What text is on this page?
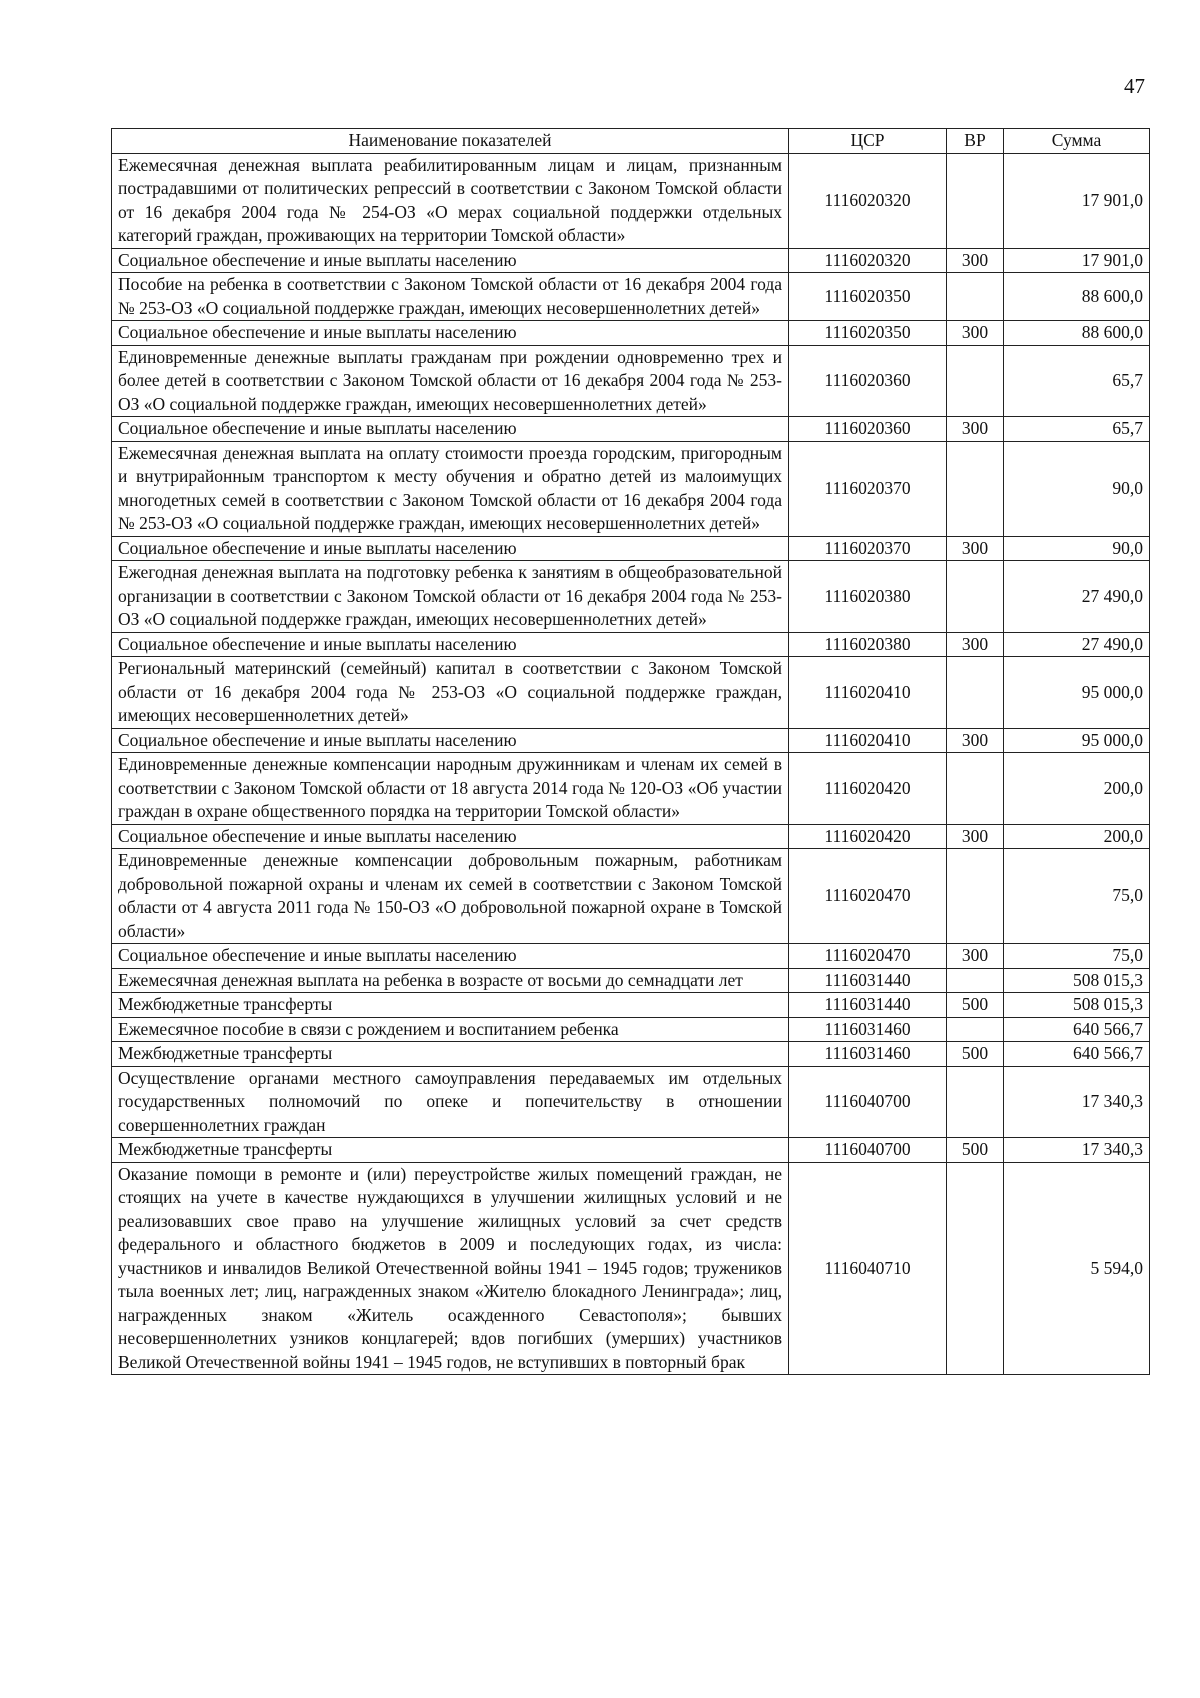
47
Наименование показателей	ЦСР	ВР	Сумма
Ежемесячная денежная выплата реабилитированным лицам и лицам, признанным пострадавшими от политических репрессий в соответствии с Законом Томской области от 16 декабря 2004 года № 254-ОЗ «О мерах социальной поддержки отдельных категорий граждан, проживающих на территории Томской области»	1116020320		17 901,0
Социальное обеспечение и иные выплаты населению	1116020320	300	17 901,0
Пособие на ребенка в соответствии с Законом Томской области от 16 декабря 2004 года № 253-ОЗ «О социальной поддержке граждан, имеющих несовершеннолетних детей»	1116020350		88 600,0
Социальное обеспечение и иные выплаты населению	1116020350	300	88 600,0
Единовременные денежные выплаты гражданам при рождении одновременно трех и более детей в соответствии с Законом Томской области от 16 декабря 2004 года № 253-ОЗ «О социальной поддержке граждан, имеющих несовершеннолетних детей»	1116020360		65,7
Социальное обеспечение и иные выплаты населению	1116020360	300	65,7
Ежемесячная денежная выплата на оплату стоимости проезда городским, пригородным и внутрирайонным транспортом к месту обучения и обратно детей из малоимущих многодетных семей в соответствии с Законом Томской области от 16 декабря 2004 года № 253-ОЗ «О социальной поддержке граждан, имеющих несовершеннолетних детей»	1116020370		90,0
Социальное обеспечение и иные выплаты населению	1116020370	300	90,0
Ежегодная денежная выплата на подготовку ребенка к занятиям в общеобразовательной организации в соответствии с Законом Томской области от 16 декабря 2004 года № 253-ОЗ «О социальной поддержке граждан, имеющих несовершеннолетних детей»	1116020380		27 490,0
Социальное обеспечение и иные выплаты населению	1116020380	300	27 490,0
Региональный материнский (семейный) капитал в соответствии с Законом Томской области от 16 декабря 2004 года № 253-ОЗ «О социальной поддержке граждан, имеющих несовершеннолетних детей»	1116020410		95 000,0
Социальное обеспечение и иные выплаты населению	1116020410	300	95 000,0
Единовременные денежные компенсации народным дружинникам и членам их семей в соответствии с Законом Томской области от 18 августа 2014 года № 120-ОЗ «Об участии граждан в охране общественного порядка на территории Томской области»	1116020420		200,0
Социальное обеспечение и иные выплаты населению	1116020420	300	200,0
Единовременные денежные компенсации добровольным пожарным, работникам добровольной пожарной охраны и членам их семей в соответствии с Законом Томской области от 4 августа 2011 года № 150-ОЗ «О добровольной пожарной охране в Томской области»	1116020470		75,0
Социальное обеспечение и иные выплаты населению	1116020470	300	75,0
Ежемесячная денежная выплата на ребенка в возрасте от восьми до семнадцати лет	1116031440		508 015,3
Межбюджетные трансферты	1116031440	500	508 015,3
Ежемесячное пособие в связи с рождением и воспитанием ребенка	1116031460		640 566,7
Межбюджетные трансферты	1116031460	500	640 566,7
Осуществление органами местного самоуправления передаваемых им отдельных государственных полномочий по опеке и попечительству в отношении совершеннолетних граждан	1116040700		17 340,3
Межбюджетные трансферты	1116040700	500	17 340,3
Оказание помощи в ремонте и (или) переустройстве жилых помещений граждан, не стоящих на учете в качестве нуждающихся в улучшении жилищных условий и не реализовавших свое право на улучшение жилищных условий за счет средств федерального и областного бюджетов в 2009 и последующих годах, из числа: участников и инвалидов Великой Отечественной войны 1941 – 1945 годов; тружеников тыла военных лет; лиц, награжденных знаком «Жителю блокадного Ленинграда»; лиц, награжденных знаком «Житель осажденного Севастополя»; бывших несовершеннолетних узников концлагерей; вдов погибших (умерших) участников Великой Отечественной войны 1941 – 1945 годов, не вступивших в повторный брак	1116040710		5 594,0
